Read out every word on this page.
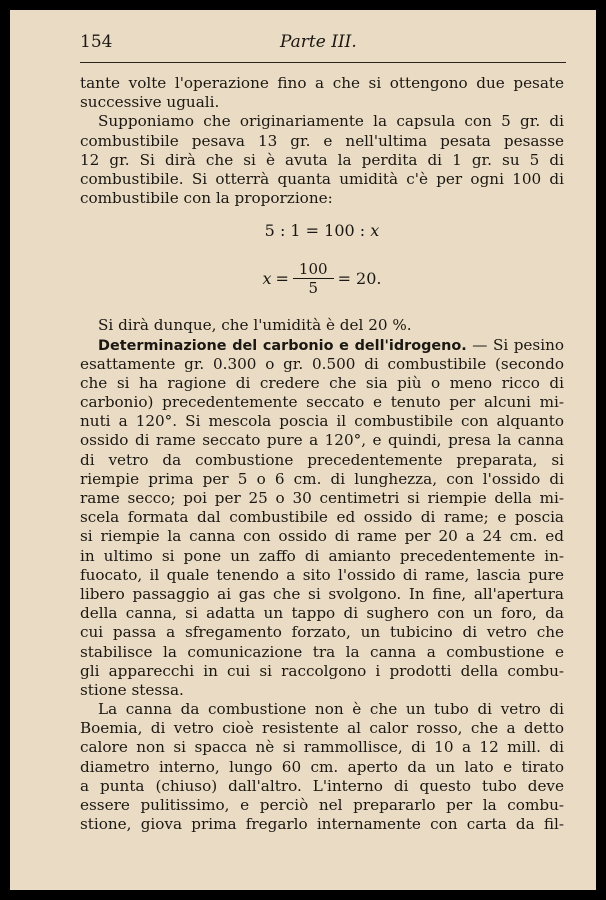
154	Parte III.
tante volte l'operazione fino a che si ottengono due pesate
successive uguali.
Supponiamo che originariamente la capsula con 5 gr. di
combustibile pesava 13 gr. e nell'ultima pesata pesasse
12 gr. Si dirà che si è avuta la perdita di 1 gr. su 5 di
combustibile. Si otterrà quanta umidità c'è per ogni 100 di
combustibile con la proporzione:
5 : 1 = 100 : x
$x = \frac{100}{5} = 20$.
Si dirà dunque, che l'umidità è del 20 %.
Determinazione del carbonio e dell'idrogeno. — Si pesino
esattamente gr. 0.300 o gr. 0.500 di combustibile (secondo
che si ha ragione di credere che sia più o meno ricco di
carbonio) precedentemente seccato e tenuto per alcuni mi-
nuti a 120°. Si mescola poscia il combustibile con alquanto
ossido di rame seccato pure a 120°, e quindi, presa la canna
di vetro da combustione precedentemente preparata, si
riempie prima per 5 o 6 cm. di lunghezza, con l'ossido di
rame secco; poi per 25 o 30 centimetri si riempie della mi-
scela formata dal combustibile ed ossido di rame; e poscia
si riempie la canna con ossido di rame per 20 a 24 cm. ed
in ultimo si pone un zaffo di amianto precedentemente in-
fuocato, il quale tenendo a sito l'ossido di rame, lascia pure
libero passaggio ai gas che si svolgono. In fine, all'apertura
della canna, si adatta un tappo di sughero con un foro, da
cui passa a sfregamento forzato, un tubicino di vetro che
stabilisce la comunicazione tra la canna a combustione e
gli apparecchi in cui si raccolgono i prodotti della combu-
stione stessa.
La canna da combustione non è che un tubo di vetro di
Boemia, di vetro cioè resistente al calor rosso, che a detto
calore non si spacca nè si rammollisce, di 10 a 12 mill. di
diametro interno, lungo 60 cm. aperto da un lato e tirato
a punta (chiuso) dall'altro. L'interno di questo tubo deve
essere pulitissimo, e perciò nel prepararlo per la combu-
stione, giova prima fregarlo internamente con carta da fil-
